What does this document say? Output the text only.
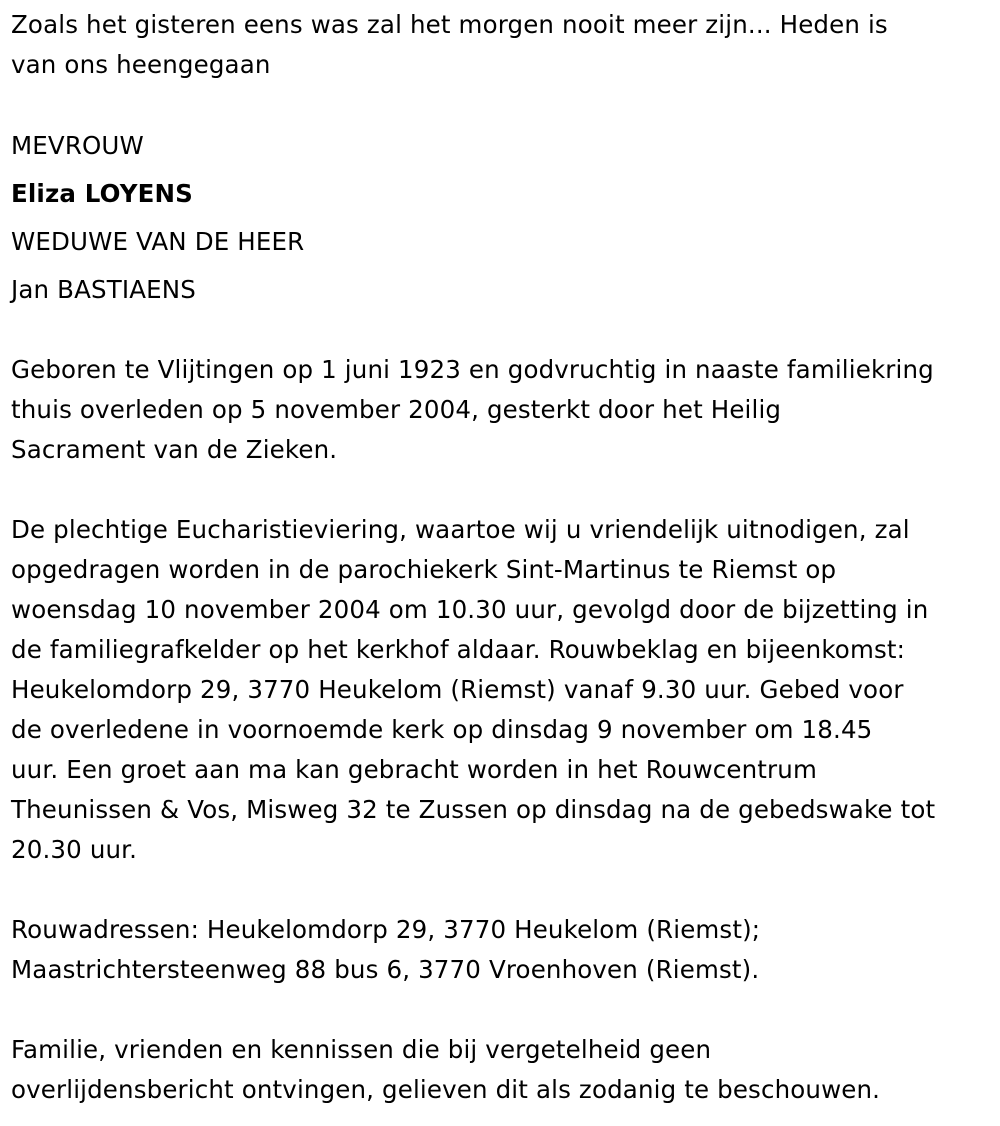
Zoals het gisteren eens was zal het morgen nooit meer zijn... Heden is
van ons heengegaan

MEVROUW

Eliza LOYENS

WEDUWE VAN DE HEER

Jan BASTIAENS

Geboren te Vlijtingen op 1 juni 1923 en godvruchtig in naaste familiekring
thuis overleden op 5 november 2004, gesterkt door het Heilig
Sacrament van de Zieken.

De plechtige Eucharistieviering, waartoe wij u vriendelijk uitnodigen, zal
opgedragen worden in de parochiekerk Sint-Martinus te Riemst op
woensdag 10 november 2004 om 10.30 uur, gevolgd door de bijzetting in
de familiegrafkelder op het kerkhof aldaar. Rouwbeklag en bijeenkomst:
Heukelomdorp 29, 3770 Heukelom (Riemst) vanaf 9.30 uur. Gebed voor
de overledene in voornoemde kerk op dinsdag 9 november om 18.45
uur. Een groet aan ma kan gebracht worden in het Rouwcentrum
Theunissen & Vos, Misweg 32 te Zussen op dinsdag na de gebedswake tot
20.30 uur.

Rouwadressen: Heukelomdorp 29, 3770 Heukelom (Riemst);
Maastrichtersteenweg 88 bus 6, 3770 Vroenhoven (Riemst).

Familie, vrienden en kennissen die bij vergetelheid geen
overlijdensbericht ontvingen, gelieven dit als zodanig te beschouwen.
